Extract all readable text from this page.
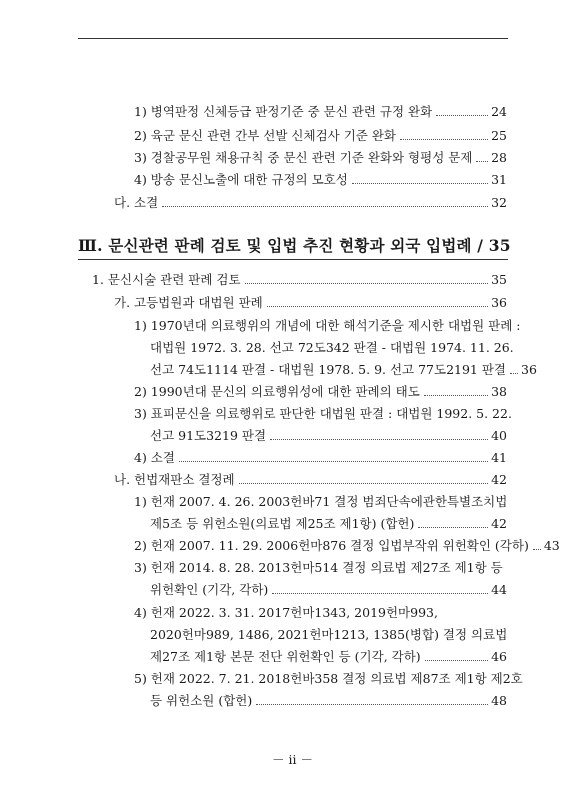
1) 병역판정 신체등급 판정기준 중 문신 관련 규정 완화	24
2) 육군 문신 관련 간부 선발 신체검사 기준 완화	25
3) 경찰공무원 채용규칙 중 문신 관련 기준 완화와 형평성 문제 28
4) 방송 문신노출에 대한 규정의 모호성	31
다. 소결	32
Ⅲ. 문신관련 판례 검토 및 입법 추진 현황과 외국 입법례 / 35
1. 문신시술 관련 판례 검토	35
가. 고등법원과 대법원 판례	36
1) 1970년대 의료행위의 개념에 대한 해석기준을 제시한 대법원 판례 :
대법원 1972. 3. 28. 선고 72도342 판결 - 대법원 1974. 11. 26.
선고 74도1114 판결 - 대법원 1978. 5. 9. 선고 77도2191 판결 36
2) 1990년대 문신의 의료행위성에 대한 판례의 태도	38
3) 표피문신을 의료행위로 판단한 대법원 판결 : 대법원 1992. 5. 22.
선고 91도3219 판결	40
4) 소결	41
나. 헌법재판소 결정례	42
1) 헌재 2007. 4. 26. 2003헌바71 결정 범죄단속에관한특별조치법
제5조 등 위헌소원(의료법 제25조 제1항) (합헌)	42
2) 헌재 2007. 11. 29. 2006헌마876 결정 입법부작위 위헌확인 (각하) 43
3) 헌재 2014. 8. 28. 2013헌마514 결정 의료법 제27조 제1항 등
위헌확인 (기각, 각하)	44
4) 헌재 2022. 3. 31. 2017헌마1343, 2019헌마993,
2020헌마989, 1486, 2021헌마1213, 1385(병합) 결정 의료법
제27조 제1항 본문 전단 위헌확인 등 (기각, 각하)	46
5) 헌재 2022. 7. 21. 2018헌바358 결정 의료법 제87조 제1항 제2호
등 위헌소원 (합헌)	48
－ ii －
